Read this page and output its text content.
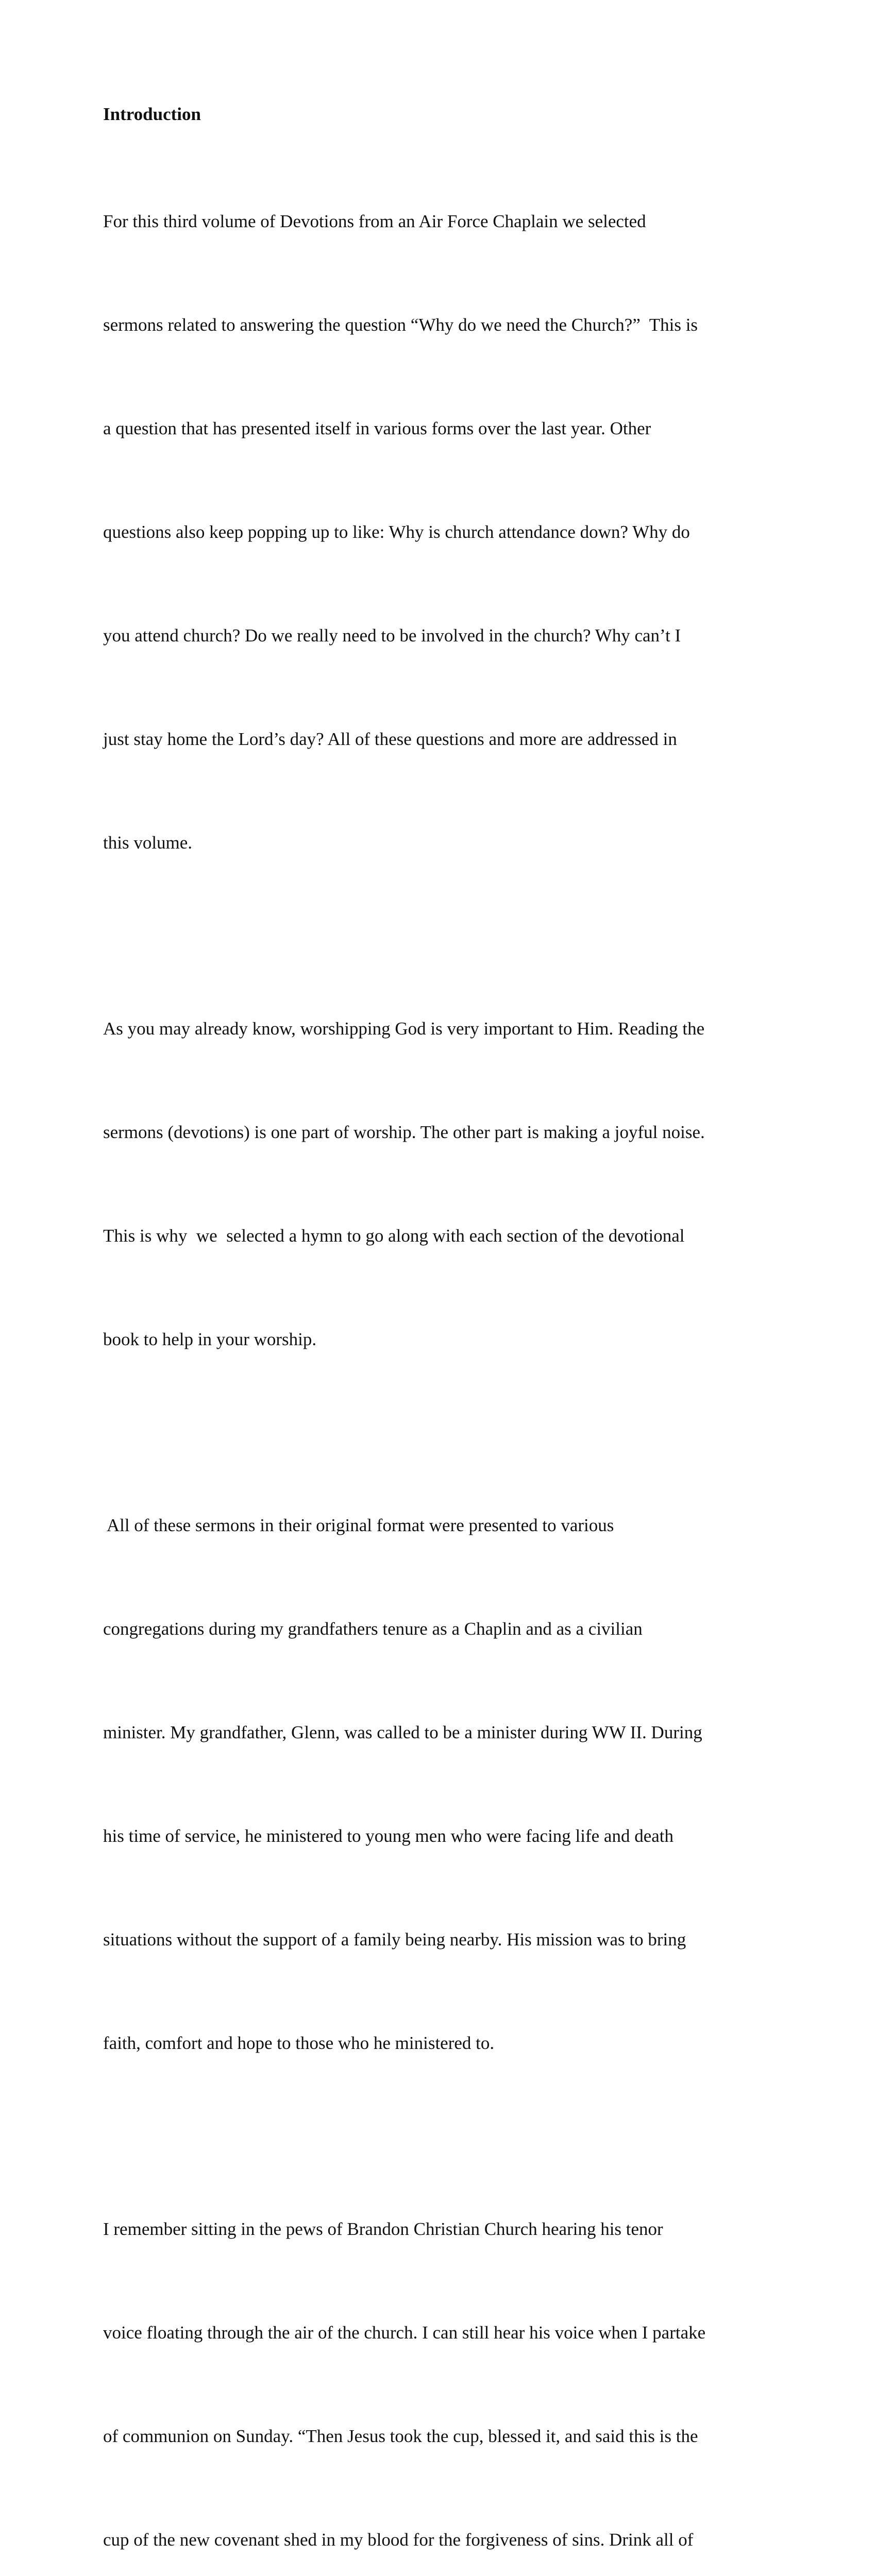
Introduction

For this third volume of Devotions from an Air Force Chaplain we selected

sermons related to answering the question “Why do we need the Church?”  This is

a question that has presented itself in various forms over the last year. Other

questions also keep popping up to like: Why is church attendance down? Why do

you attend church? Do we really need to be involved in the church? Why can’t I

just stay home the Lord’s day? All of these questions and more are addressed in

this volume.

As you may already know, worshipping God is very important to Him. Reading the

sermons (devotions) is one part of worship. The other part is making a joyful noise.

This is why  we  selected a hymn to go along with each section of the devotional

book to help in your worship.

All of these sermons in their original format were presented to various

congregations during my grandfathers tenure as a Chaplin and as a civilian

minister. My grandfather, Glenn, was called to be a minister during WW II. During

his time of service, he ministered to young men who were facing life and death

situations without the support of a family being nearby. His mission was to bring

faith, comfort and hope to those who he ministered to.

I remember sitting in the pews of Brandon Christian Church hearing his tenor

voice floating through the air of the church. I can still hear his voice when I partake

of communion on Sunday. “Then Jesus took the cup, blessed it, and said this is the

cup of the new covenant shed in my blood for the forgiveness of sins. Drink all of
